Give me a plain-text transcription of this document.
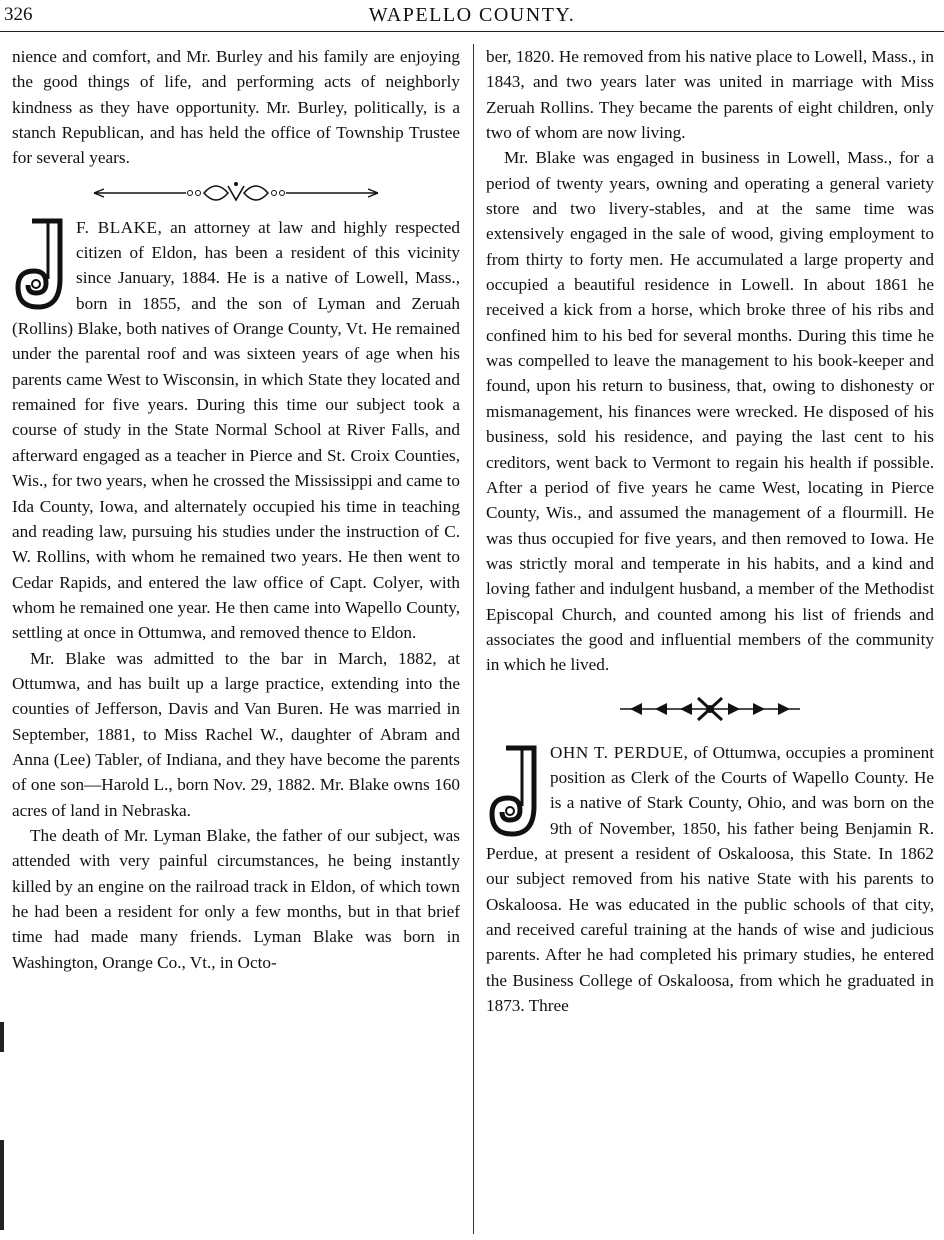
326	WAPELLO COUNTY.

nience and comfort, and Mr. Burley and his family are enjoying the good things of life, and performing acts of neighborly kindness as they have opportunity. Mr. Burley, politically, is a stanch Republican, and has held the office of Township Trustee for several years.

F. BLAKE, an attorney at law and highly respected citizen of Eldon, has been a resident of this vicinity since January, 1884. He is a native of Lowell, Mass., born in 1855, and the son of Lyman and Zeruah (Rollins) Blake, both natives of Orange County, Vt. He remained under the parental roof and was sixteen years of age when his parents came West to Wisconsin, in which State they located and remained for five years. During this time our subject took a course of study in the State Normal School at River Falls, and afterward engaged as a teacher in Pierce and St. Croix Counties, Wis., for two years, when he crossed the Mississippi and came to Ida County, Iowa, and alternately occupied his time in teaching and reading law, pursuing his studies under the instruction of C. W. Rollins, with whom he remained two years. He then went to Cedar Rapids, and entered the law office of Capt. Colyer, with whom he remained one year. He then came into Wapello County, settling at once in Ottumwa, and removed thence to Eldon.

Mr. Blake was admitted to the bar in March, 1882, at Ottumwa, and has built up a large practice, extending into the counties of Jefferson, Davis and Van Buren. He was married in September, 1881, to Miss Rachel W., daughter of Abram and Anna (Lee) Tabler, of Indiana, and they have become the parents of one son—Harold L., born Nov. 29, 1882. Mr. Blake owns 160 acres of land in Nebraska.

The death of Mr. Lyman Blake, the father of our subject, was attended with very painful circumstances, he being instantly killed by an engine on the railroad track in Eldon, of which town he had been a resident for only a few months, but in that brief time had made many friends. Lyman Blake was born in Washington, Orange Co., Vt., in Octo-

ber, 1820. He removed from his native place to Lowell, Mass., in 1843, and two years later was united in marriage with Miss Zeruah Rollins. They became the parents of eight children, only two of whom are now living.

Mr. Blake was engaged in business in Lowell, Mass., for a period of twenty years, owning and operating a general variety store and two livery-stables, and at the same time was extensively engaged in the sale of wood, giving employment to from thirty to forty men. He accumulated a large property and occupied a beautiful residence in Lowell. In about 1861 he received a kick from a horse, which broke three of his ribs and confined him to his bed for several months. During this time he was compelled to leave the management to his book-keeper and found, upon his return to business, that, owing to dishonesty or mismanagement, his finances were wrecked. He disposed of his business, sold his residence, and paying the last cent to his creditors, went back to Vermont to regain his health if possible. After a period of five years he came West, locating in Pierce County, Wis., and assumed the management of a flourmill. He was thus occupied for five years, and then removed to Iowa. He was strictly moral and temperate in his habits, and a kind and loving father and indulgent husband, a member of the Methodist Episcopal Church, and counted among his list of friends and associates the good and influential members of the community in which he lived.

OHN T. PERDUE, of Ottumwa, occupies a prominent position as Clerk of the Courts of Wapello County. He is a native of Stark County, Ohio, and was born on the 9th of November, 1850, his father being Benjamin R. Perdue, at present a resident of Oskaloosa, this State. In 1862 our subject removed from his native State with his parents to Oskaloosa. He was educated in the public schools of that city, and received careful training at the hands of wise and judicious parents. After he had completed his primary studies, he entered the Business College of Oskaloosa, from which he graduated in 1873. Three
